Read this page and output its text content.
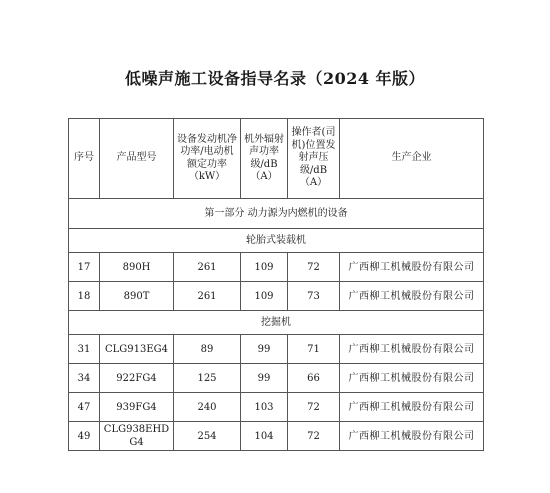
低噪声施工设备指导名录（2024 年版）
序号	产品型号	设备发动机净功率/电动机额定功率（kW）	机外辐射声功率级/dB（A）	操作者(司机)位置发射声压级/dB（A）	生产企业
第一部分 动力源为内燃机的设备					
轮胎式装载机					
17	890H	261	109	72	广西柳工机械股份有限公司
18	890T	261	109	73	广西柳工机械股份有限公司
挖掘机					
31	CLG913EG4	89	99	71	广西柳工机械股份有限公司
34	922FG4	125	99	66	广西柳工机械股份有限公司
47	939FG4	240	103	72	广西柳工机械股份有限公司
49	CLG938EHD G4	254	104	72	广西柳工机械股份有限公司
